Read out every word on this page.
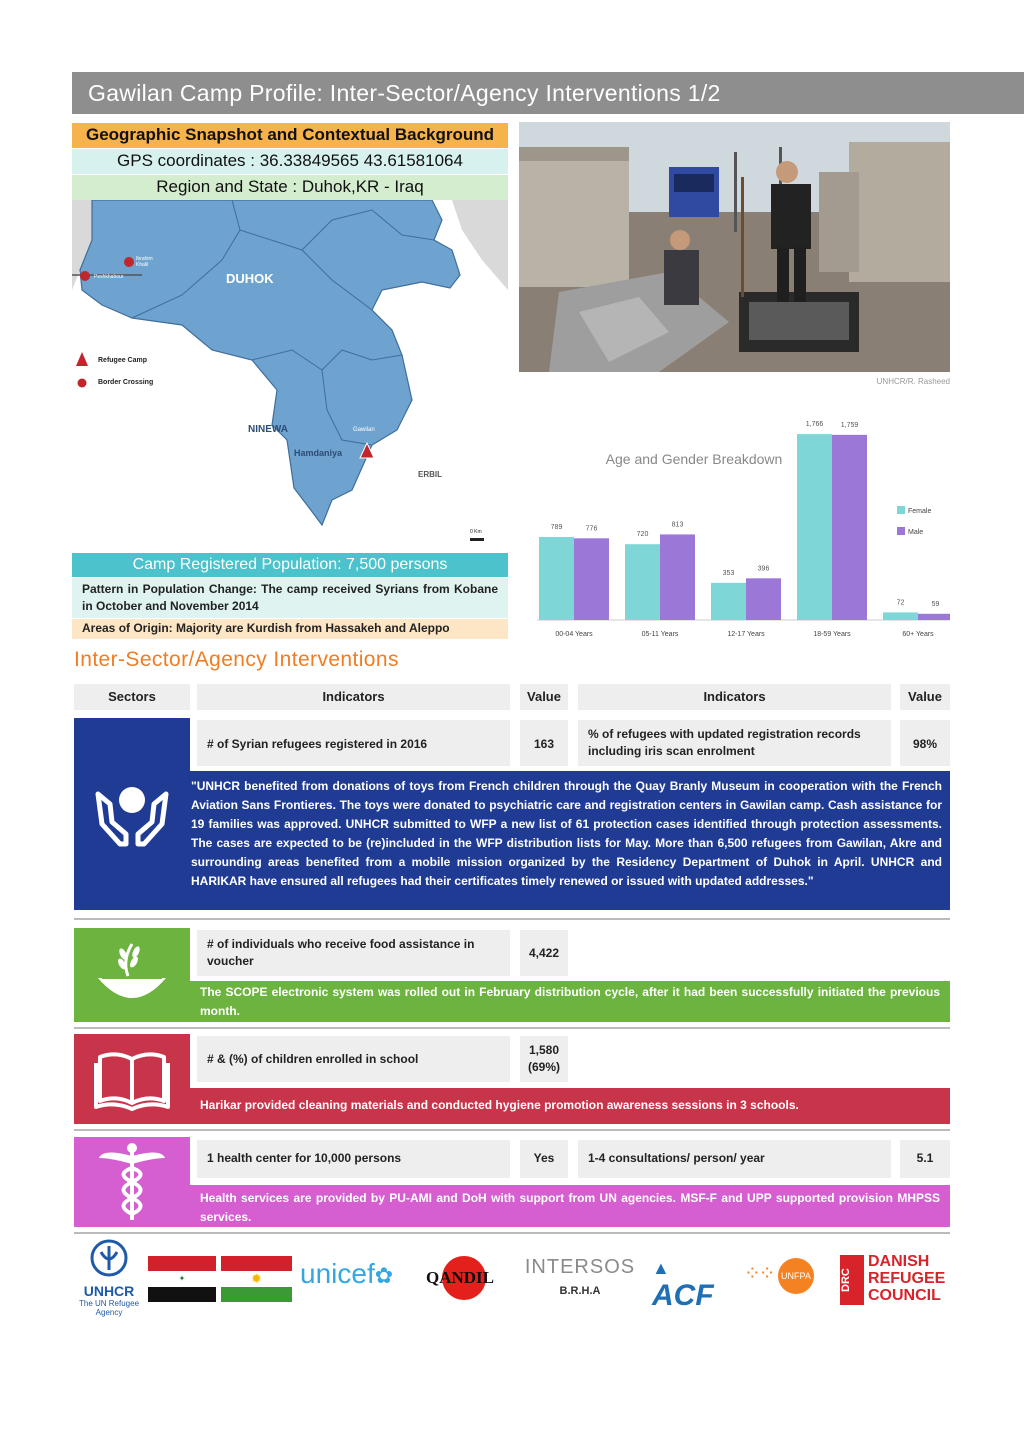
Gawilan Camp Profile: Inter-Sector/Agency Interventions 1/2
Geographic Snapshot and Contextual Background
GPS coordinates : 36.33849565 43.61581064
Region and State : Duhok,KR - Iraq
DUHOK
NINEWA
Hamdaniya
ERBIL
Gawilan
Ibrahim Khalil
Peshkhabour
Refugee Camp
Border Crossing
0 Km
UNHCR/R. Rasheed
Camp Registered Population: 7,500 persons
Pattern in Population Change: The camp received Syrians from Kobane in October and November 2014
Areas of Origin: Majority are Kurdish from Hassakeh and Aleppo
Age and Gender Breakdown
789	776
00-04 Years
720
813
05-11 Years
353
396
12-17 Years
1,766 1,759
18-59 Years
72	59
60+ Years
Female
Male
Inter-Sector/Agency Interventions
Sectors	Indicators	Value	Indicators	Value
# of Syrian refugees registered in 2016	163
% of refugees with updated registration records including iris scan enrolment	98%
"UNHCR benefited from donations of toys from French children through the Quay Branly Museum in cooperation with the French Aviation Sans Frontieres. The toys were donated to psychiatric care and registration centers in Gawilan camp. Cash assistance for 19 families was approved. UNHCR submitted to WFP a new list of 61 protection cases identified through protection assessments. The cases are expected to be (re)included in the WFP distribution lists for May. More than 6,500 refugees from Gawilan, Akre and surrounding areas benefited from a mobile mission organized by the Residency Department of Duhok in April. UNHCR and HARIKAR have ensured all refugees had their certificates timely renewed or issued with updated addresses."
# of individuals who receive food assistance in voucher
4,422
The SCOPE electronic system was rolled out in February distribution cycle, after it had been successfully initiated the previous month.
# & (%) of children enrolled in school
1,580 (69%)
Harikar provided cleaning materials and conducted hygiene promotion awareness sessions in 3 schools.
1 health center for 10,000 persons	Yes	1-4 consultations/ person/ year	5.1
Health services are provided by PU-AMI and DoH with support from UN agencies. MSF-F and UPP supported provision MHPSS services.
UNHCR
The UN Refugee Agency
✦	✹	unicef✿	QANDIL	INTERSOS
B.R.H.A
▲ ACF
⁘⁘ UNFPA	DRC
DANISH
REFUGEE
COUNCIL
